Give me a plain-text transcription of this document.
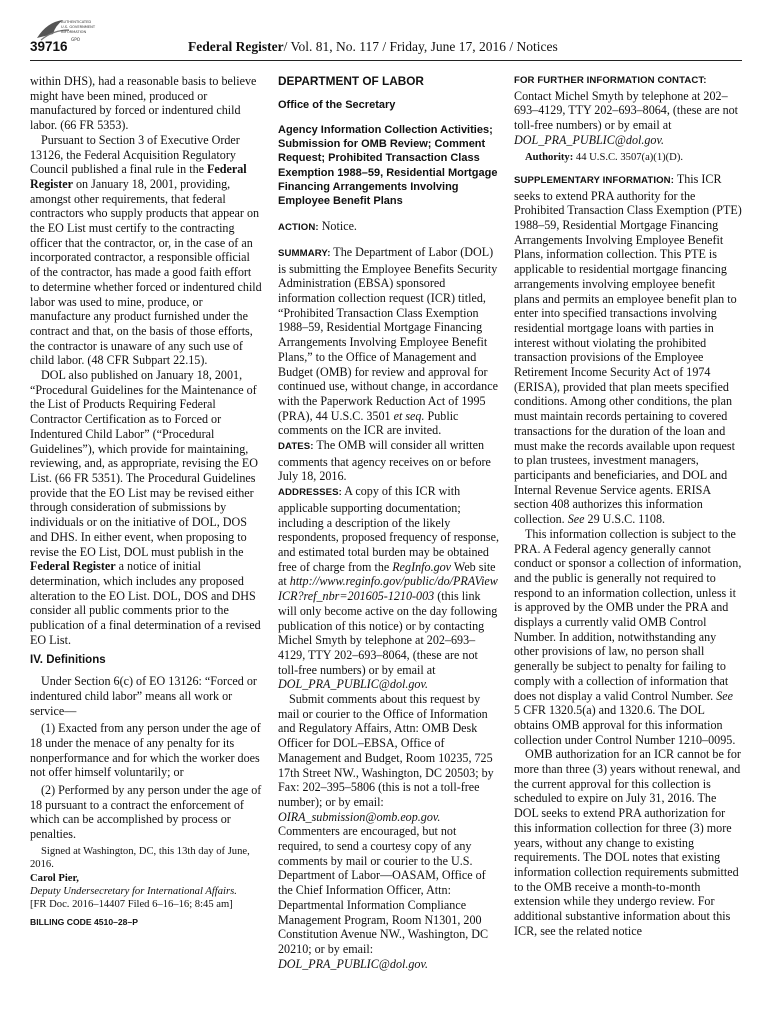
AUTHENTICATED
U.S. GOVERNMENT
INFORMATION
GPO
39716	Federal Register/ Vol. 81, No. 117 / Friday, June 17, 2016 / Notices

within DHS), had a reasonable basis to believe might have been mined, produced or manufactured by forced or indentured child labor. (66 FR 5353).

Pursuant to Section 3 of Executive Order 13126, the Federal Acquisition Regulatory Council published a final rule in the Federal Register on January 18, 2001, providing, amongst other requirements, that federal contractors who supply products that appear on the EO List must certify to the contracting officer that the contractor, or, in the case of an incorporated contractor, a responsible official of the contractor, has made a good faith effort to determine whether forced or indentured child labor was used to mine, produce, or manufacture any product furnished under the contract and that, on the basis of those efforts, the contractor is unaware of any such use of child labor. (48 CFR Subpart 22.15).

DOL also published on January 18, 2001, “Procedural Guidelines for the Maintenance of the List of Products Requiring Federal Contractor Certification as to Forced or Indentured Child Labor” (“Procedural Guidelines”), which provide for maintaining, reviewing, and, as appropriate, revising the EO List. (66 FR 5351). The Procedural Guidelines provide that the EO List may be revised either through consideration of submissions by individuals or on the initiative of DOL, DOS and DHS. In either event, when proposing to revise the EO List, DOL must publish in the Federal Register a notice of initial determination, which includes any proposed alteration to the EO List. DOL, DOS and DHS consider all public comments prior to the publication of a final determination of a revised EO List.

IV. Definitions

Under Section 6(c) of EO 13126: “Forced or indentured child labor” means all work or service—

(1) Exacted from any person under the age of 18 under the menace of any penalty for its nonperformance and for which the worker does not offer himself voluntarily; or

(2) Performed by any person under the age of 18 pursuant to a contract the enforcement of which can be accomplished by process or penalties.

Signed at Washington, DC, this 13th day of June, 2016.

Carol Pier,

Deputy Undersecretary for International Affairs.

[FR Doc. 2016–14407 Filed 6–16–16; 8:45 am]

BILLING CODE 4510–28–P
DEPARTMENT OF LABOR
Office of the Secretary
Agency Information Collection Activities; Submission for OMB Review; Comment Request; Prohibited Transaction Class Exemption 1988–59, Residential Mortgage Financing Arrangements Involving Employee Benefit Plans

ACTION: Notice.

SUMMARY: The Department of Labor (DOL) is submitting the Employee Benefits Security Administration (EBSA) sponsored information collection request (ICR) titled, “Prohibited Transaction Class Exemption 1988–59, Residential Mortgage Financing Arrangements Involving Employee Benefit Plans,” to the Office of Management and Budget (OMB) for review and approval for continued use, without change, in accordance with the Paperwork Reduction Act of 1995 (PRA), 44 U.S.C. 3501 et seq. Public comments on the ICR are invited.

DATES: The OMB will consider all written comments that agency receives on or before July 18, 2016.

ADDRESSES: A copy of this ICR with applicable supporting documentation; including a description of the likely respondents, proposed frequency of response, and estimated total burden may be obtained free of charge from the RegInfo.gov Web site at http://www.reginfo.gov/public/do/PRAViewICR?ref_nbr=201605-1210-003 (this link will only become active on the day following publication of this notice) or by contacting Michel Smyth by telephone at 202–693–4129, TTY 202–693–8064, (these are not toll-free numbers) or by email at DOL_PRA_PUBLIC@dol.gov.

Submit comments about this request by mail or courier to the Office of Information and Regulatory Affairs, Attn: OMB Desk Officer for DOL–EBSA, Office of Management and Budget, Room 10235, 725 17th Street NW., Washington, DC 20503; by Fax: 202–395–5806 (this is not a toll-free number); or by email: OIRA_submission@omb.eop.gov. Commenters are encouraged, but not required, to send a courtesy copy of any comments by mail or courier to the U.S. Department of Labor—OASAM, Office of the Chief Information Officer, Attn: Departmental Information Compliance Management Program, Room N1301, 200 Constitution Avenue NW., Washington, DC 20210; or by email: DOL_PRA_PUBLIC@dol.gov.

FOR FURTHER INFORMATION CONTACT:

Contact Michel Smyth by telephone at 202–693–4129, TTY 202–693–8064, (these are not toll-free numbers) or by email at DOL_PRA_PUBLIC@dol.gov.

Authority: 44 U.S.C. 3507(a)(1)(D).

SUPPLEMENTARY INFORMATION: This ICR seeks to extend PRA authority for the Prohibited Transaction Class Exemption (PTE) 1988–59, Residential Mortgage Financing Arrangements Involving Employee Benefit Plans, information collection. This PTE is applicable to residential mortgage financing arrangements involving employee benefit plans and permits an employee benefit plan to enter into specified transactions involving residential mortgage loans with parties in interest without violating the prohibited transaction provisions of the Employee Retirement Income Security Act of 1974 (ERISA), provided that plan meets specified conditions. Among other conditions, the plan must maintain records pertaining to covered transactions for the duration of the loan and must make the records available upon request to plan trustees, investment managers, participants and beneficiaries, and DOL and Internal Revenue Service agents. ERISA section 408 authorizes this information collection. See 29 U.S.C. 1108.

This information collection is subject to the PRA. A Federal agency generally cannot conduct or sponsor a collection of information, and the public is generally not required to respond to an information collection, unless it is approved by the OMB under the PRA and displays a currently valid OMB Control Number. In addition, notwithstanding any other provisions of law, no person shall generally be subject to penalty for failing to comply with a collection of information that does not display a valid Control Number. See 5 CFR 1320.5(a) and 1320.6. The DOL obtains OMB approval for this information collection under Control Number 1210–0095.

OMB authorization for an ICR cannot be for more than three (3) years without renewal, and the current approval for this collection is scheduled to expire on July 31, 2016. The DOL seeks to extend PRA authorization for this information collection for three (3) more years, without any change to existing requirements. The DOL notes that existing information collection requirements submitted to the OMB receive a month-to-month extension while they undergo review. For additional substantive information about this ICR, see the related notice
